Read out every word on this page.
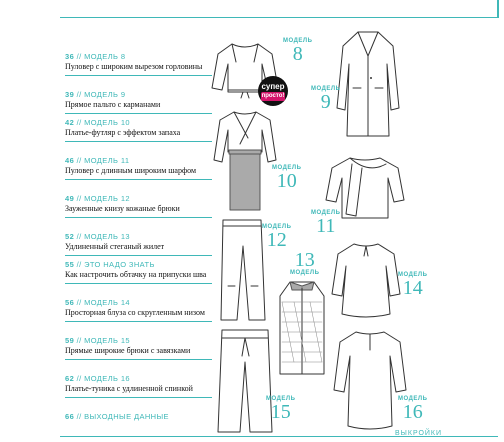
36 // МОДЕЛЬ 8
Пуловер с широким вырезом горловины
39 // МОДЕЛЬ 9
Прямое пальто с карманами
42 // МОДЕЛЬ 10
Платье-футляр с эффектом запаха
46 // МОДЕЛЬ 11
Пуловер с длинным широким шарфом
49 // МОДЕЛЬ 12
Зауженные книзу кожаные брюки
52 // МОДЕЛЬ 13
Удлиненный стеганый жилет
55 // ЭТО НАДО ЗНАТЬ
Как настрочить обтачку на припуски шва
56 // МОДЕЛЬ 14
Просторная блуза со скругленным низом
59 // МОДЕЛЬ 15
Прямые широкие брюки с завязками
62 // МОДЕЛЬ 16
Платье-туника с удлиненной спинкой
66 // ВЫХОДНЫЕ ДАННЫЕ
МОДЕЛЬ
8
супер
просто!
МОДЕЛЬ
9
МОДЕЛЬ
10
МОДЕЛЬ
11
МОДЕЛЬ
12
13
МОДЕЛЬ	МОДЕЛЬ
14
МОДЕЛЬ
15
МОДЕЛЬ
16
ВЫКРОЙКИ
